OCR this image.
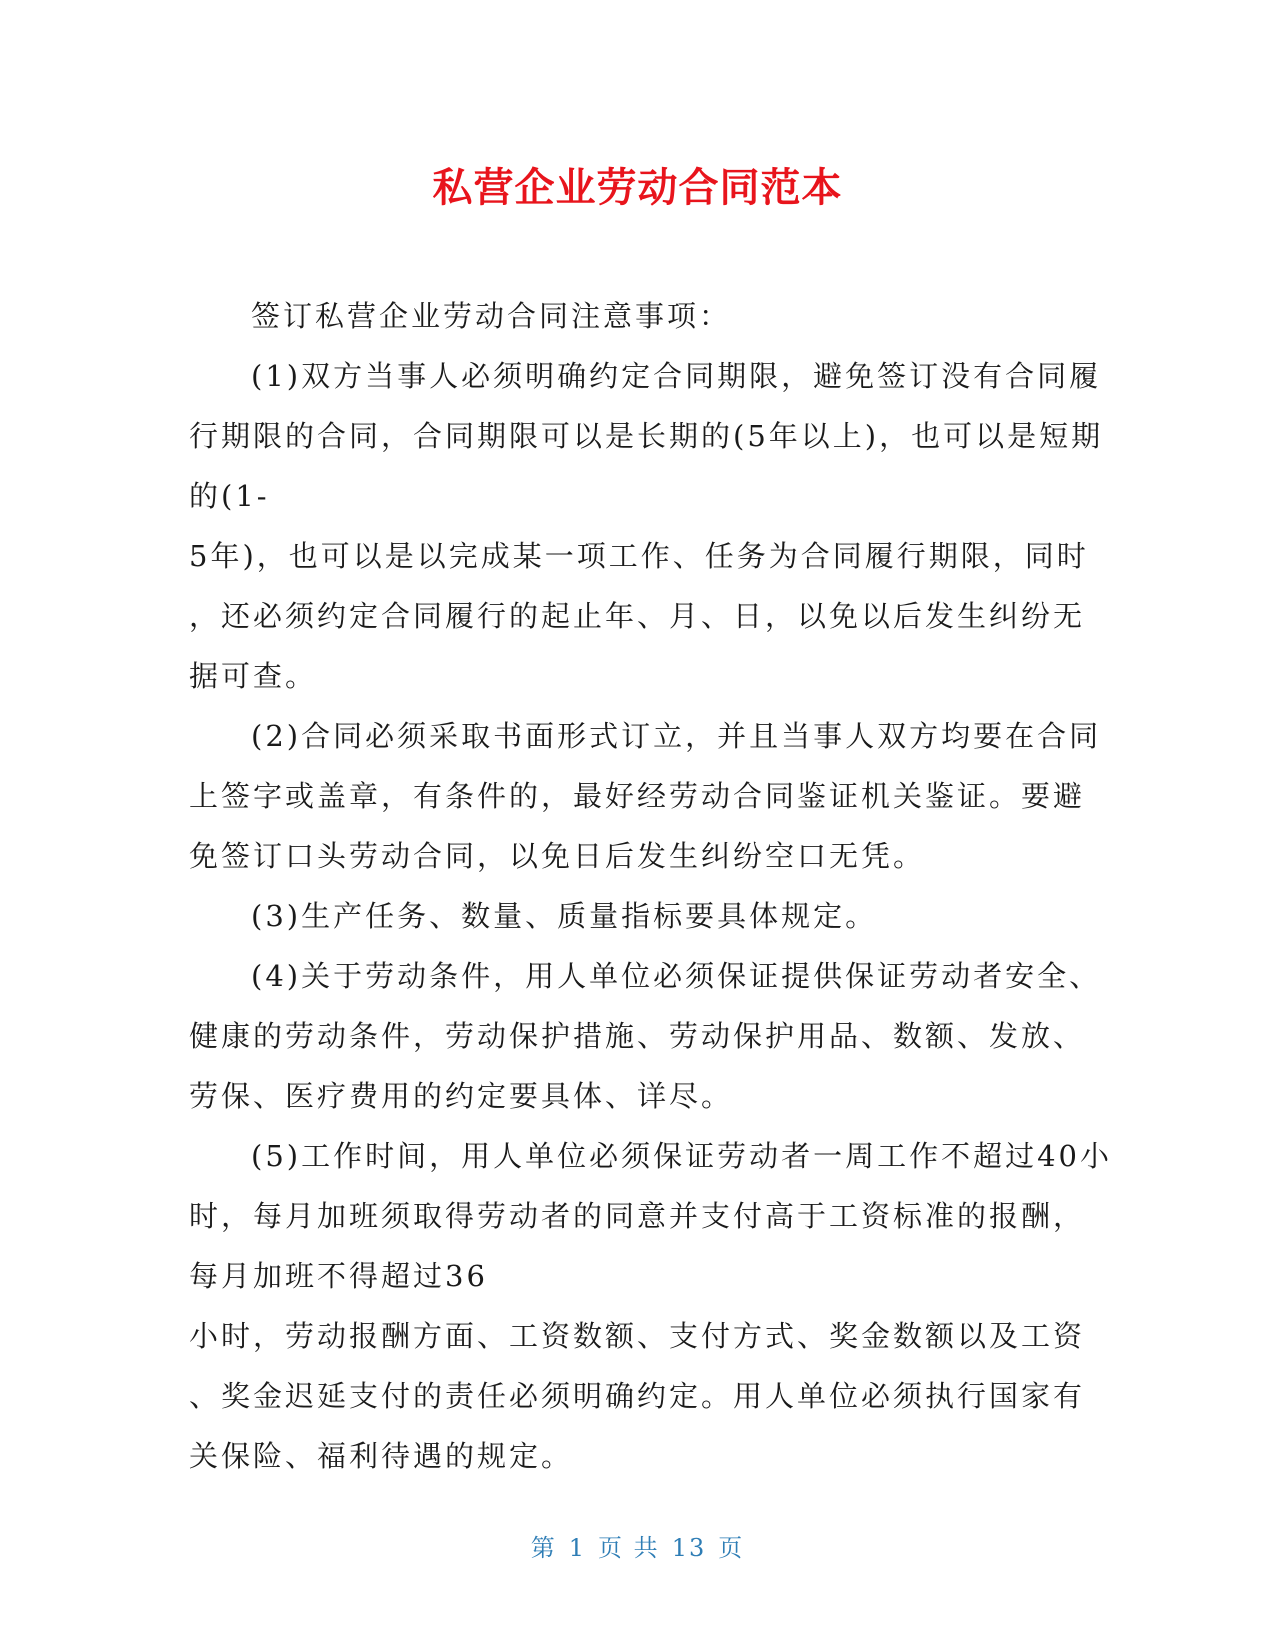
私营企业劳动合同范本
签订私营企业劳动合同注意事项：
(1)双方当事人必须明确约定合同期限，避免签订没有合同履
行期限的合同，合同期限可以是长期的(5年以上)，也可以是短期
的(1-
5年)，也可以是以完成某一项工作、任务为合同履行期限，同时
，还必须约定合同履行的起止年、月、日，以免以后发生纠纷无
据可查。
(2)合同必须采取书面形式订立，并且当事人双方均要在合同
上签字或盖章，有条件的，最好经劳动合同鉴证机关鉴证。要避
免签订口头劳动合同，以免日后发生纠纷空口无凭。
(3)生产任务、数量、质量指标要具体规定。
(4)关于劳动条件，用人单位必须保证提供保证劳动者安全、
健康的劳动条件，劳动保护措施、劳动保护用品、数额、发放、
劳保、医疗费用的约定要具体、详尽。
(5)工作时间，用人单位必须保证劳动者一周工作不超过40小
时，每月加班须取得劳动者的同意并支付高于工资标准的报酬，
每月加班不得超过36
小时，劳动报酬方面、工资数额、支付方式、奖金数额以及工资
、奖金迟延支付的责任必须明确约定。用人单位必须执行国家有
关保险、福利待遇的规定。
第 1 页 共 13 页
